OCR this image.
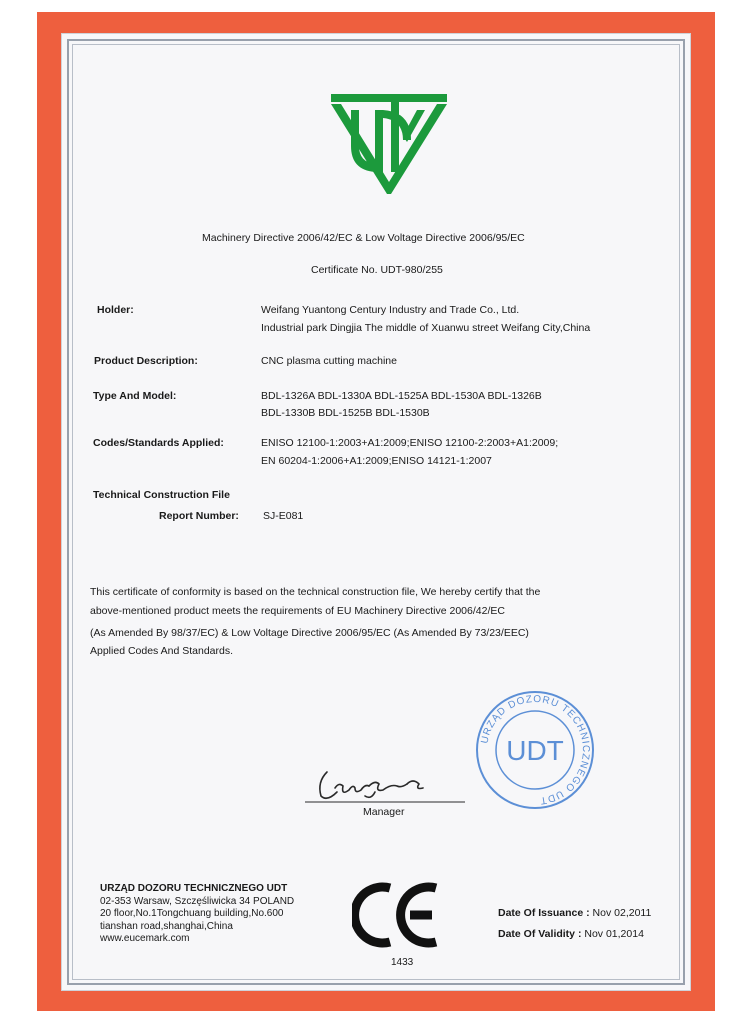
Machinery Directive 2006/42/EC & Low Voltage Directive 2006/95/EC
Certificate No. UDT-980/255
Holder:	Weifang Yuantong Century Industry and Trade Co., Ltd.
Industrial park Dingjia The middle of Xuanwu street Weifang City,China
Product Description:	CNC plasma cutting machine
Type And Model:	BDL-1326A BDL-1330A BDL-1525A BDL-1530A BDL-1326B
BDL-1330B BDL-1525B BDL-1530B
Codes/Standards Applied:	ENISO 12100-1:2003+A1:2009;ENISO 12100-2:2003+A1:2009;
EN 60204-1:2006+A1:2009;ENISO 14121-1:2007
Technical Construction File
Report Number: SJ-E081
This certificate of conformity is based on the technical construction file, We hereby certify that the
above-mentioned product meets the requirements of EU Machinery Directive 2006/42/EC
(As Amended By 98/37/EC) & Low Voltage Directive 2006/95/EC (As Amended By 73/23/EEC)
Applied Codes And Standards.
Manager
URZĄD DOZORU TECHNICZNEGO UDT
UDT
URZĄD DOZORU TECHNICZNEGO UDT
02-353 Warsaw, Szczęśliwicka 34 POLAND
20 floor,No.1Tongchuang building,No.600
tianshan road,shanghai,China
www.eucemark.com
1433
Date Of Issuance : Nov 02,2011
Date Of Validity : Nov 01,2014
